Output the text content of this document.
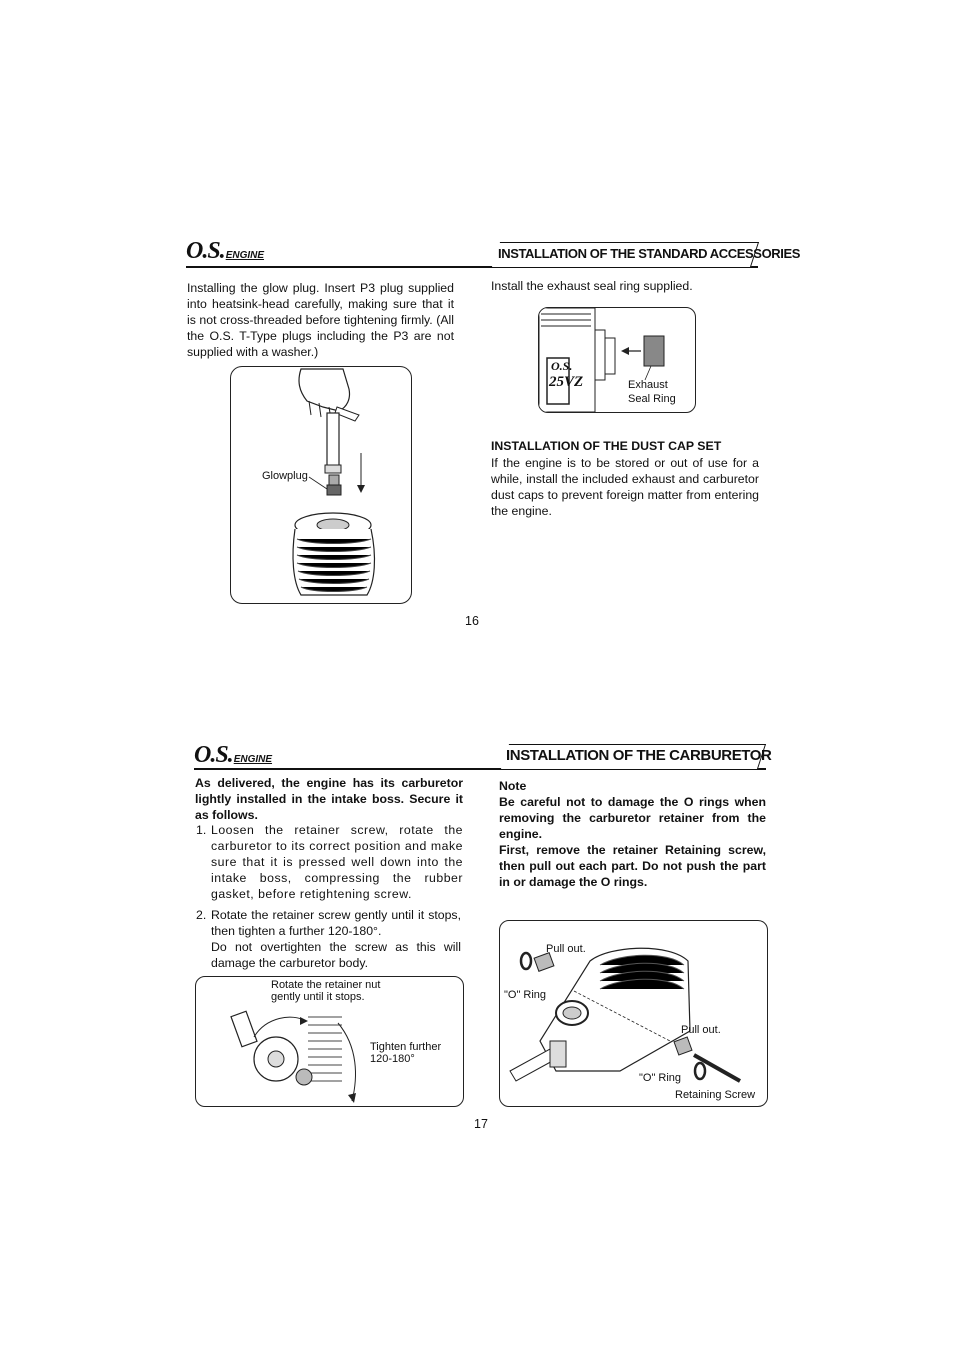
O.S.ENGINE	INSTALLATION OF THE STANDARD ACCESSORIES
Installing the glow plug. Insert P3 plug supplied into heatsink-head carefully, making sure that it is not cross-threaded before tightening firmly. (All the O.S. T-Type plugs including the P3 are not supplied with a washer.)
Glowplug
Install the exhaust seal ring supplied.
O.S.
25VZ	Exhaust
Seal Ring
INSTALLATION OF THE DUST CAP SET
If the engine is to be stored or out of use for a while, install the included exhaust and carburetor dust caps to prevent foreign matter from entering the engine.
16
O.S.ENGINE	INSTALLATION OF THE CARBURETOR
As delivered, the engine has its carburetor lightly installed in the intake boss. Secure it as follows.
1. Loosen the retainer screw, rotate the carburetor to its correct position and make sure that it is pressed well down into the intake boss, compressing the rubber gasket, before retightening screw.
2. Rotate the retainer screw gently until it stops, then tighten a further 120-180°.
Do not overtighten the screw as this will damage the carburetor body.
Rotate the retainer nut
gently until it stops.
Tighten further
120-180°
Note
Be careful not to damage the O rings when removing the carburetor retainer from the engine.
First, remove the retainer Retaining screw, then pull out each part. Do not push the part in or damage the O rings.
Pull out.
"O" Ring
Pull out.
"O" Ring
Retaining Screw
17
